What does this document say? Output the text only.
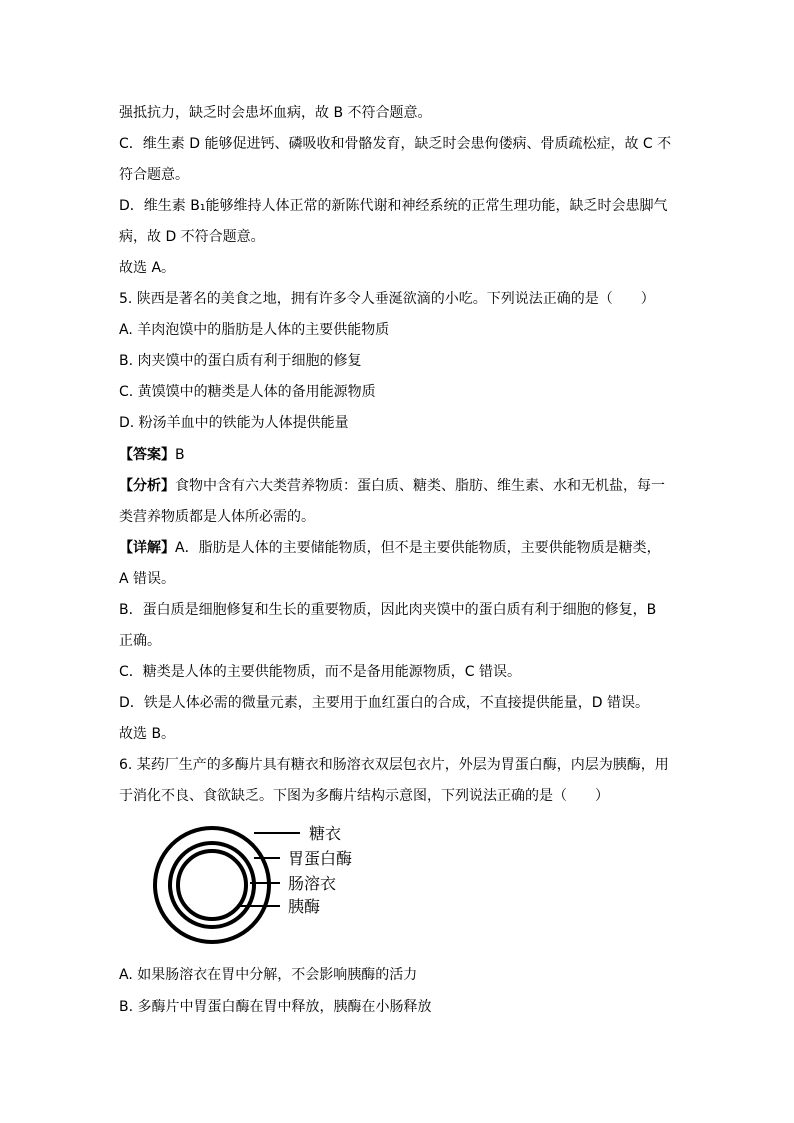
强抵抗力，缺乏时会患坏血病，故 B 不符合题意。
C．维生素 D 能够促进钙、磷吸收和骨骼发育，缺乏时会患佝偻病、骨质疏松症，故 C 不
符合题意。
D．维生素 B₁能够维持人体正常的新陈代谢和神经系统的正常生理功能，缺乏时会患脚气
病，故 D 不符合题意。
故选 A。
5. 陕西是著名的美食之地，拥有许多令人垂涎欲滴的小吃。下列说法正确的是（　　）
A. 羊肉泡馍中的脂肪是人体的主要供能物质
B. 肉夹馍中的蛋白质有利于细胞的修复
C. 黄馍馍中的糖类是人体的备用能源物质
D. 粉汤羊血中的铁能为人体提供能量
【答案】B
【分析】食物中含有六大类营养物质：蛋白质、糖类、脂肪、维生素、水和无机盐，每一
类营养物质都是人体所必需的。
【详解】A．脂肪是人体的主要储能物质，但不是主要供能物质，主要供能物质是糖类，
A 错误。
B．蛋白质是细胞修复和生长的重要物质，因此肉夹馍中的蛋白质有利于细胞的修复，B
正确。
C．糖类是人体的主要供能物质，而不是备用能源物质，C 错误。
D．铁是人体必需的微量元素，主要用于血红蛋白的合成，不直接提供能量，D 错误。
故选 B。
6. 某药厂生产的多酶片具有糖衣和肠溶衣双层包衣片，外层为胃蛋白酶，内层为胰酶，用
于消化不良、食欲缺乏。下图为多酶片结构示意图，下列说法正确的是（　　）
糖衣
胃蛋白酶
肠溶衣
胰酶
A. 如果肠溶衣在胃中分解，不会影响胰酶的活力
B. 多酶片中胃蛋白酶在胃中释放，胰酶在小肠释放
